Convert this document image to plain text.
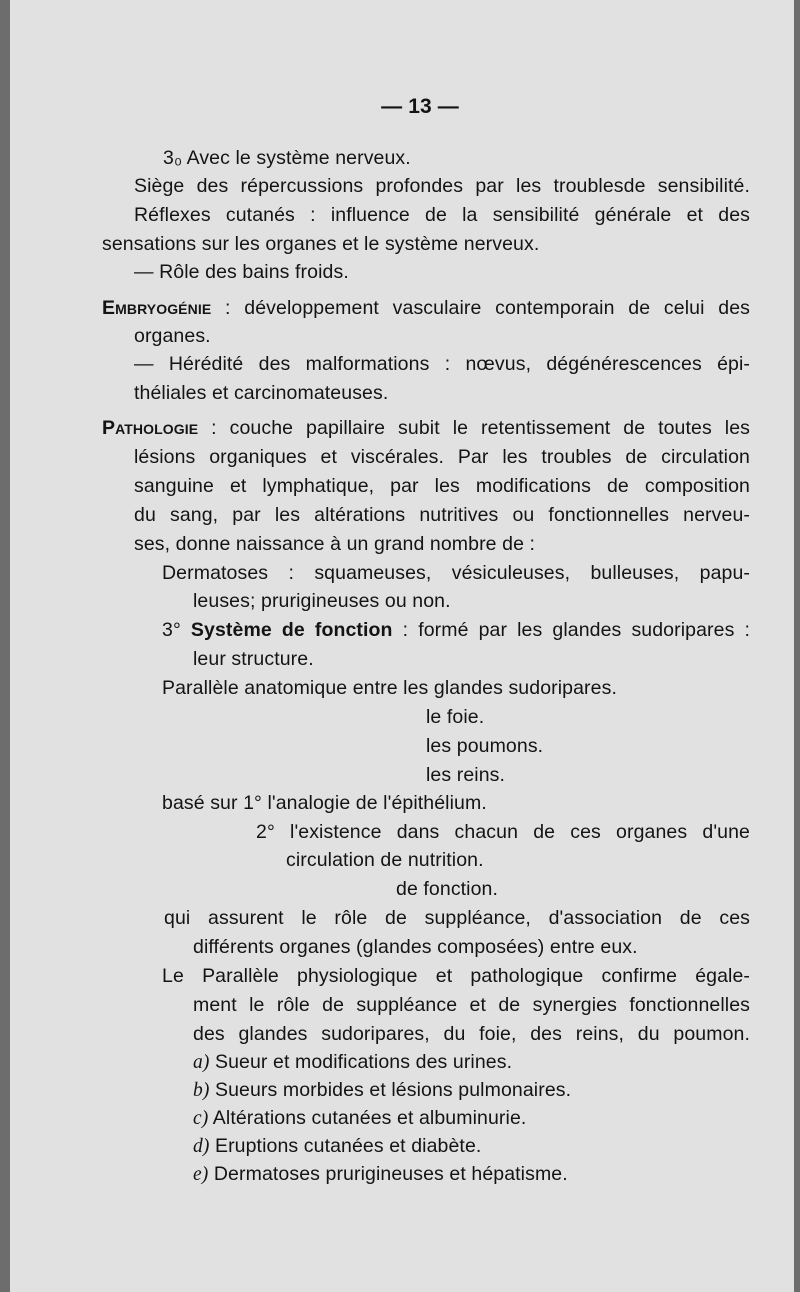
— 13 —
3₀ Avec le système nerveux.
Siège des répercussions profondes par les troublesde sensibilité.
Réflexes cutanés : influence de la sensibilité générale et des
sensations sur les organes et le système nerveux.
— Rôle des bains froids.
Embryogénie : développement vasculaire contemporain de celui des
organes.
— Hérédité des malformations : nœvus, dégénérescences épi-
théliales et carcinomateuses.
Pathologie : couche papillaire subit le retentissement de toutes les
lésions organiques et viscérales. Par les troubles de circulation
sanguine et lymphatique, par les modifications de composition
du sang, par les altérations nutritives ou fonctionnelles nerveu-
ses, donne naissance à un grand nombre de :
Dermatoses : squameuses, vésiculeuses, bulleuses, papu-
leuses; prurigineuses ou non.
3° Système de fonction : formé par les glandes sudoripares :
leur structure.
Parallèle anatomique entre les glandes sudoripares.
le foie.
les poumons.
les reins.
basé sur 1° l'analogie de l'épithélium.
2° l'existence dans chacun de ces organes d'une
circulation de nutrition.
de fonction.
qui assurent le rôle de suppléance, d'association de ces
différents organes (glandes composées) entre eux.
Le Parallèle physiologique et pathologique confirme égale-
ment le rôle de suppléance et de synergies fonctionnelles
des glandes sudoripares, du foie, des reins, du poumon.
a) Sueur et modifications des urines.
b) Sueurs morbides et lésions pulmonaires.
c) Altérations cutanées et albuminurie.
d) Eruptions cutanées et diabète.
e) Dermatoses prurigineuses et hépatisme.
